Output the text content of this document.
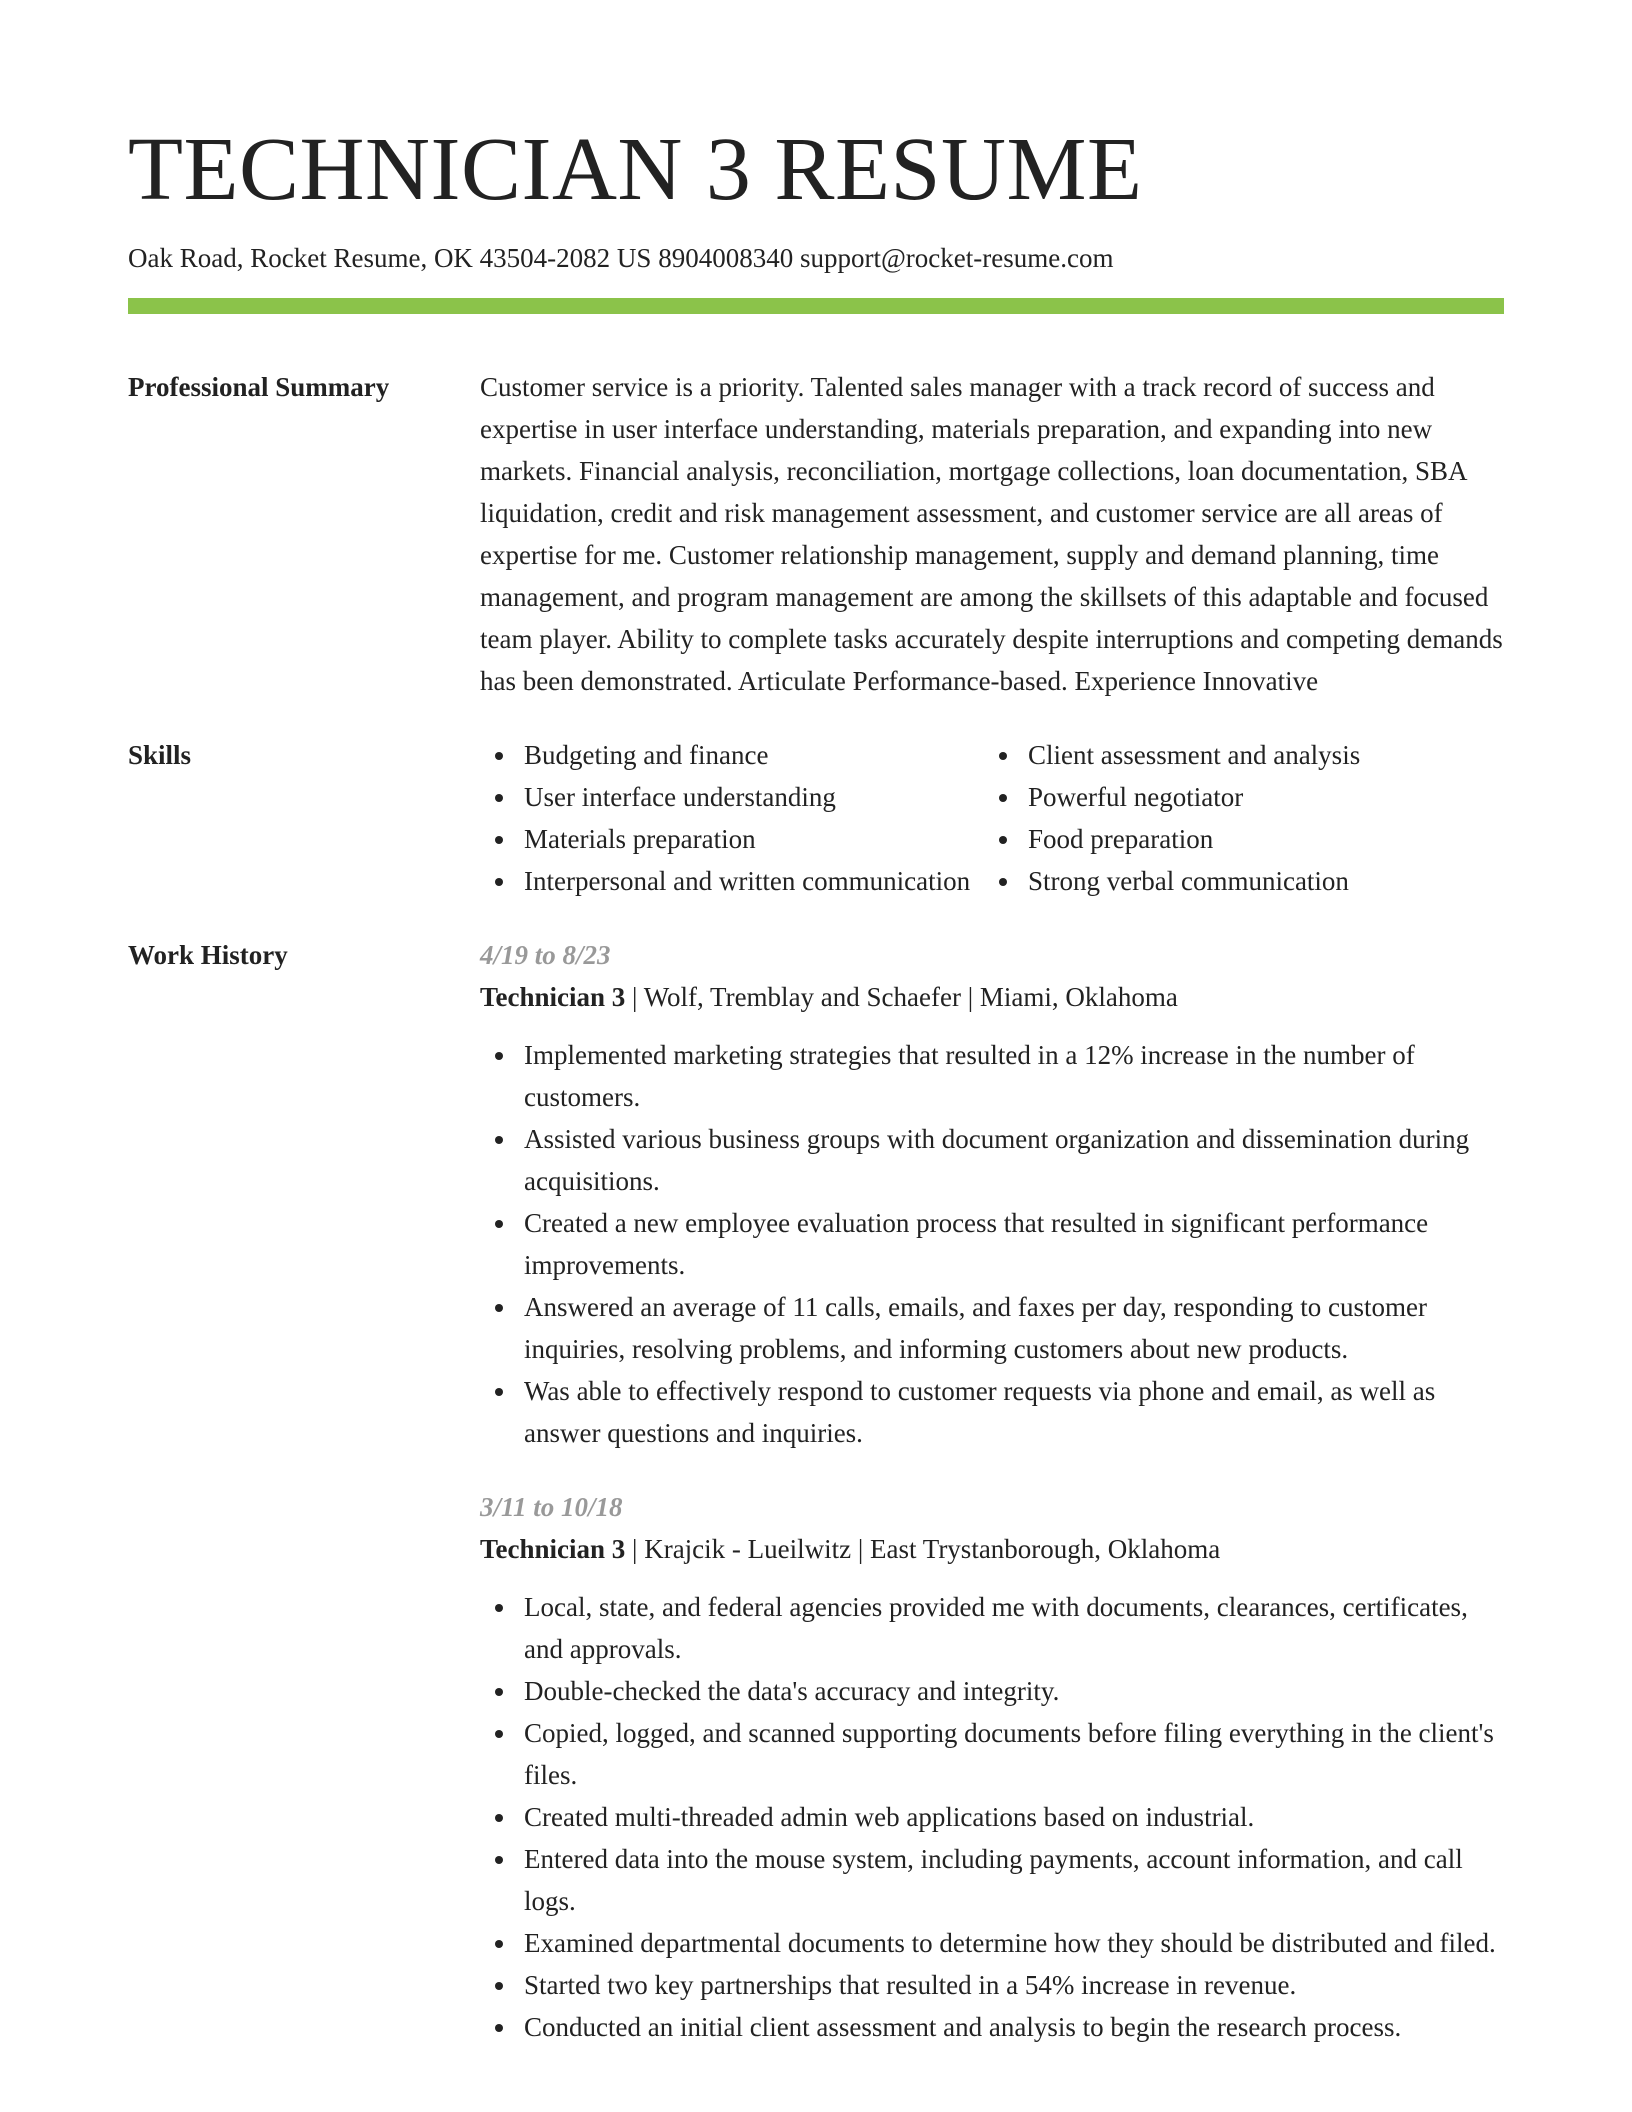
TECHNICIAN 3 RESUME
Oak Road, Rocket Resume, OK 43504-2082 US 8904008340 support@rocket-resume.com
Professional Summary	Customer service is a priority. Talented sales manager with a track record of success and expertise in user interface understanding, materials preparation, and expanding into new markets. Financial analysis, reconciliation, mortgage collections, loan documentation, SBA liquidation, credit and risk management assessment, and customer service are all areas of expertise for me. Customer relationship management, supply and demand planning, time management, and program management are among the skillsets of this adaptable and focused team player. Ability to complete tasks accurately despite interruptions and competing demands has been demonstrated. Articulate Performance-based. Experience Innovative

Skills	Budgeting and finance
User interface understanding
Materials preparation
Interpersonal and written communication
Client assessment and analysis
Powerful negotiator
Food preparation
Strong verbal communication
Work History	4/19 to 8/23
Technician 3 | Wolf, Tremblay and Schaefer | Miami, Oklahoma
Implemented marketing strategies that resulted in a 12% increase in the number of customers.
Assisted various business groups with document organization and dissemination during acquisitions.
Created a new employee evaluation process that resulted in significant performance improvements.
Answered an average of 11 calls, emails, and faxes per day, responding to customer inquiries, resolving problems, and informing customers about new products.
Was able to effectively respond to customer requests via phone and email, as well as answer questions and inquiries.
3/11 to 10/18
Technician 3 | Krajcik - Lueilwitz | East Trystanborough, Oklahoma
Local, state, and federal agencies provided me with documents, clearances, certificates, and approvals.
Double-checked the data's accuracy and integrity.
Copied, logged, and scanned supporting documents before filing everything in the client's files.
Created multi-threaded admin web applications based on industrial.
Entered data into the mouse system, including payments, account information, and call logs.
Examined departmental documents to determine how they should be distributed and filed.
Started two key partnerships that resulted in a 54% increase in revenue.
Conducted an initial client assessment and analysis to begin the research process.
